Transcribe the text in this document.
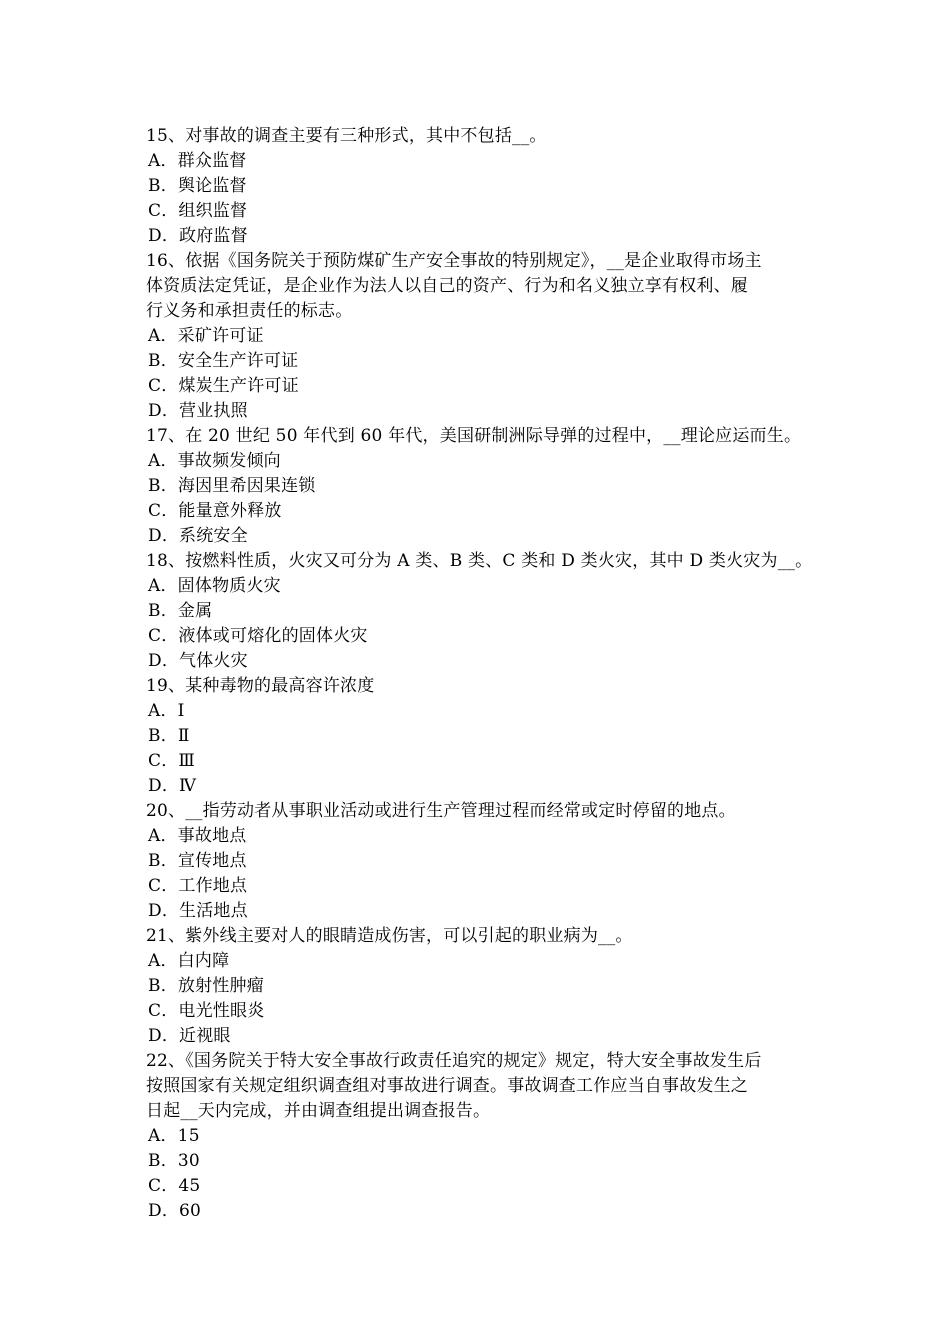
15、对事故的调查主要有三种形式，其中不包括__。
A．群众监督
B．舆论监督
C．组织监督
D．政府监督
16、依据《国务院关于预防煤矿生产安全事故的特别规定》，__是企业取得市场主
体资质法定凭证，是企业作为法人以自己的资产、行为和名义独立享有权利、履
行义务和承担责任的标志。
A．采矿许可证
B．安全生产许可证
C．煤炭生产许可证
D．营业执照
17、在 20 世纪 50 年代到 60 年代，美国研制洲际导弹的过程中，__理论应运而生。
A．事故频发倾向
B．海因里希因果连锁
C．能量意外释放
D．系统安全
18、按燃料性质，火灾又可分为 A 类、B 类、C 类和 D 类火灾，其中 D 类火灾为__。
A．固体物质火灾
B．金属
C．液体或可熔化的固体火灾
D．气体火灾
19、某种毒物的最高容许浓度
A．Ⅰ
B．Ⅱ
C．Ⅲ
D．Ⅳ
20、__指劳动者从事职业活动或进行生产管理过程而经常或定时停留的地点。
A．事故地点
B．宣传地点
C．工作地点
D．生活地点
21、紫外线主要对人的眼睛造成伤害，可以引起的职业病为__。
A．白内障
B．放射性肿瘤
C．电光性眼炎
D．近视眼
22、《国务院关于特大安全事故行政责任追究的规定》规定，特大安全事故发生后
按照国家有关规定组织调查组对事故进行调查。事故调查工作应当自事故发生之
日起__天内完成，并由调查组提出调查报告。
A．15
B．30
C．45
D．60
